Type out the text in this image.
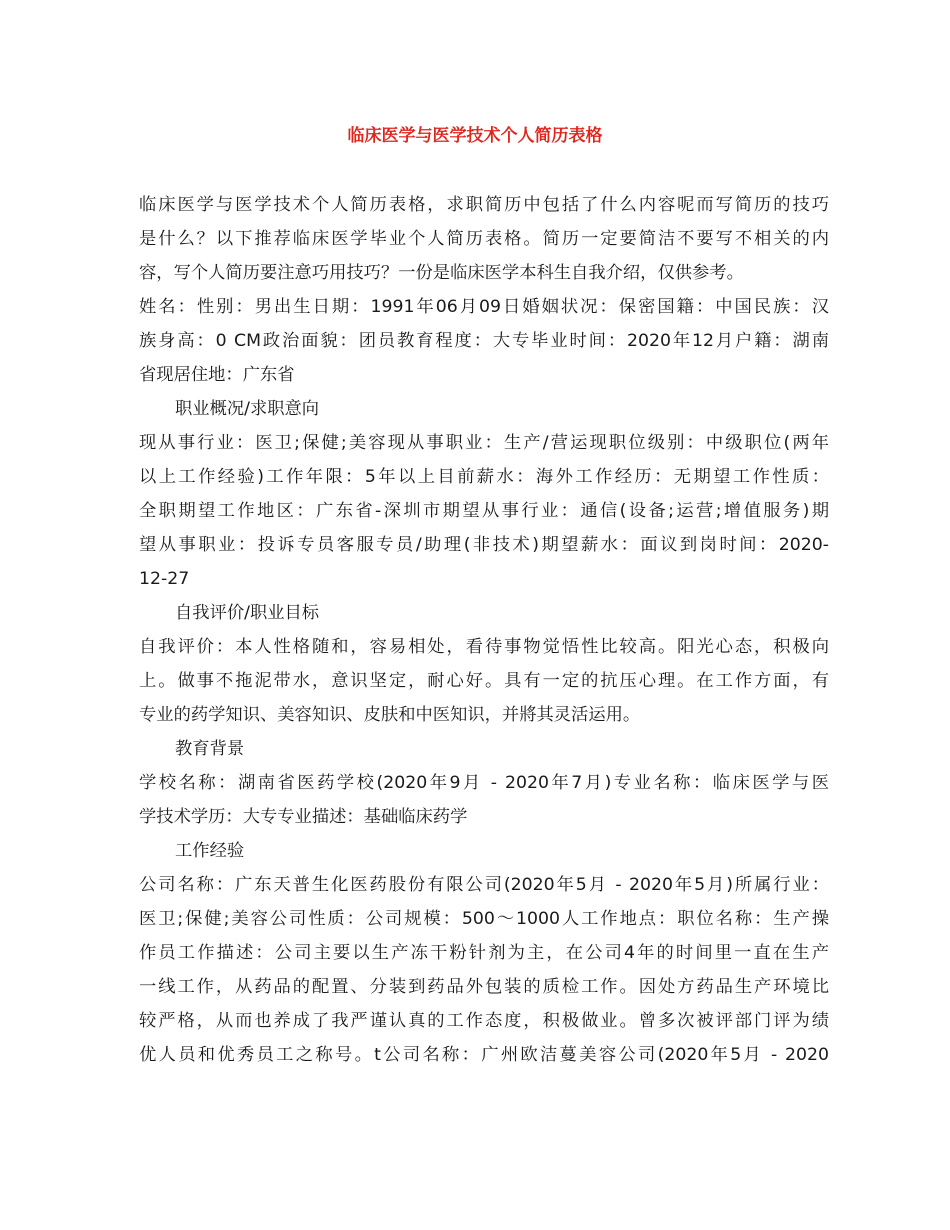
临床医学与医学技术个人简历表格
临床医学与医学技术个人简历表格，求职简历中包括了什么内容呢而写简历的技巧
是什么？以下推荐临床医学毕业个人简历表格。简历一定要简洁不要写不相关的内
容，写个人简历要注意巧用技巧？一份是临床医学本科生自我介绍，仅供参考。
姓名：性别：男出生日期：1991年06月09日婚姻状况：保密国籍：中国民族：汉
族身高：0 CM政治面貌：团员教育程度：大专毕业时间：2020年12月户籍：湖南
省现居住地：广东省
职业概况/求职意向
现从事行业：医卫;保健;美容现从事职业：生产/营运现职位级别：中级职位(两年
以上工作经验)工作年限：5年以上目前薪水：海外工作经历：无期望工作性质：
全职期望工作地区：广东省-深圳市期望从事行业：通信(设备;运营;增值服务)期
望从事职业：投诉专员客服专员/助理(非技术)期望薪水：面议到岗时间：2020-
12-27
自我评价/职业目标
自我评价：本人性格随和，容易相处，看待事物觉悟性比较高。阳光心态，积极向
上。做事不拖泥带水，意识坚定，耐心好。具有一定的抗压心理。在工作方面，有
专业的药学知识、美容知识、皮肤和中医知识，并將其灵活运用。
教育背景
学校名称：湖南省医药学校(2020年9月 - 2020年7月)专业名称：临床医学与医
学技术学历：大专专业描述：基础临床药学
工作经验
公司名称：广东天普生化医药股份有限公司(2020年5月 - 2020年5月)所属行业：
医卫;保健;美容公司性质：公司规模：500～1000人工作地点：职位名称：生产操
作员工作描述：公司主要以生产冻干粉针剂为主，在公司4年的时间里一直在生产
一线工作，从药品的配置、分装到药品外包装的质检工作。因处方药品生产环境比
较严格，从而也养成了我严谨认真的工作态度，积极做业。曾多次被评部门评为绩
优人员和优秀员工之称号。t公司名称：广州欧洁蔓美容公司(2020年5月 - 2020
